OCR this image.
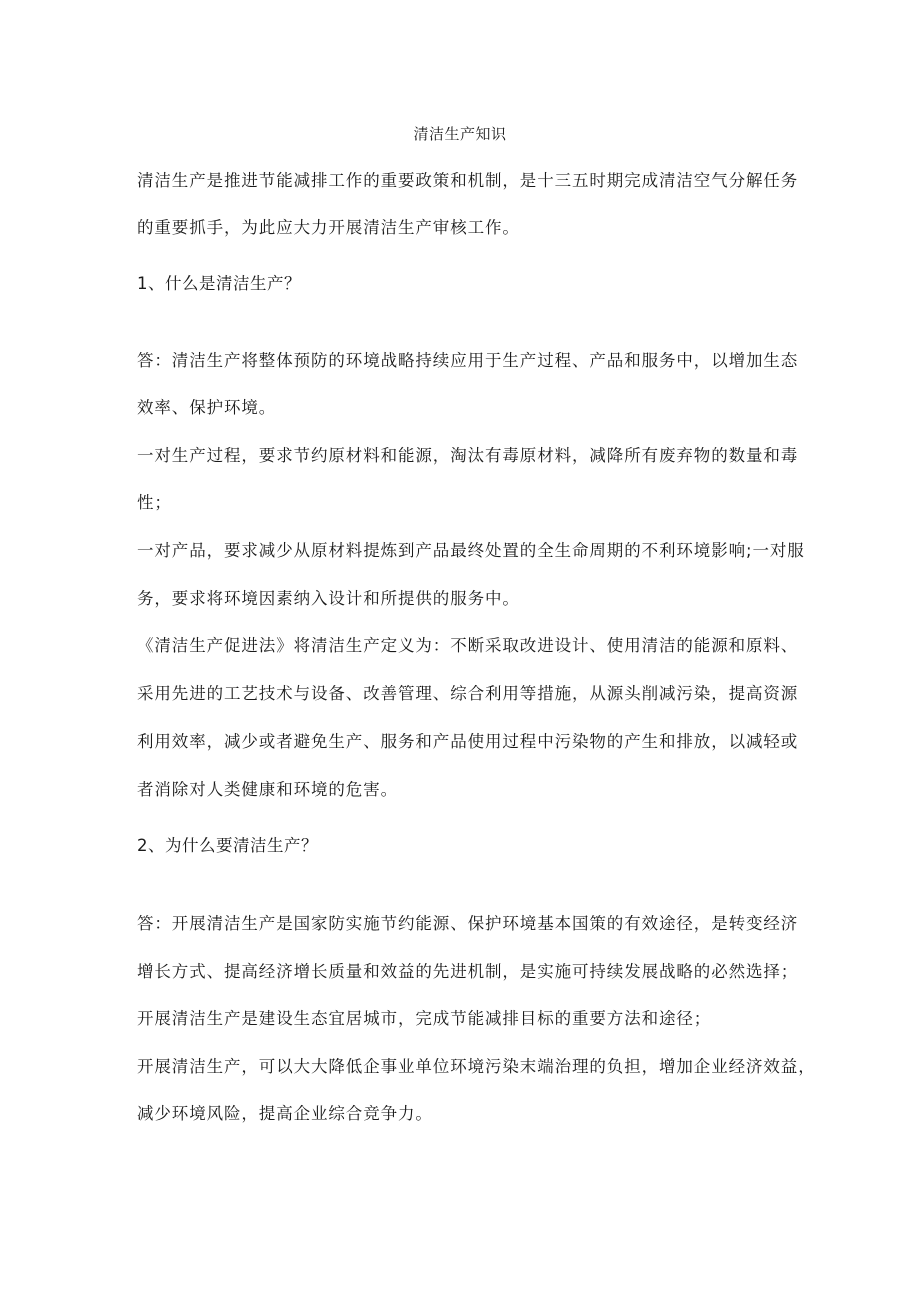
清洁生产知识
清洁生产是推进节能减排工作的重要政策和机制，是十三五时期完成清洁空气分解任务
的重要抓手，为此应大力开展清洁生产审核工作。
1、什么是清洁生产？
答：清洁生产将整体预防的环境战略持续应用于生产过程、产品和服务中，以增加生态
效率、保护环境。
一对生产过程，要求节约原材料和能源，淘汰有毒原材料，减降所有废弃物的数量和毒
性；
一对产品，要求减少从原材料提炼到产品最终处置的全生命周期的不利环境影响;一对服
务，要求将环境因素纳入设计和所提供的服务中。
《清洁生产促进法》将清洁生产定义为：不断采取改进设计、使用清洁的能源和原料、
采用先进的工艺技术与设备、改善管理、综合利用等措施，从源头削减污染，提高资源
利用效率，减少或者避免生产、服务和产品使用过程中污染物的产生和排放，以减轻或
者消除对人类健康和环境的危害。
2、为什么要清洁生产？
答：开展清洁生产是国家防实施节约能源、保护环境基本国策的有效途径，是转变经济
增长方式、提高经济增长质量和效益的先进机制，是实施可持续发展战略的必然选择；
开展清洁生产是建设生态宜居城市，完成节能减排目标的重要方法和途径；
开展清洁生产，可以大大降低企事业单位环境污染末端治理的负担，增加企业经济效益，
减少环境风险，提高企业综合竞争力。
